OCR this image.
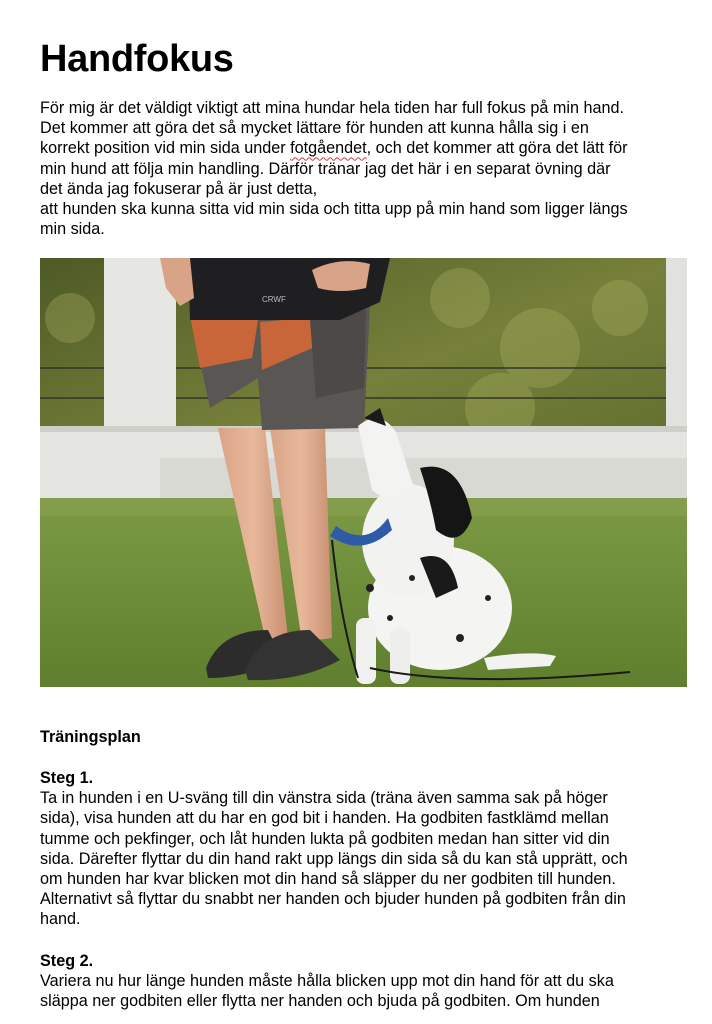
Handfokus

För mig är det väldigt viktigt att mina hundar hela tiden har full fokus på min hand.
Det kommer att göra det så mycket lättare för hunden att kunna hålla sig i en
korrekt position vid min sida under fotgåendet, och det kommer att göra det lätt för
min hund att följa min handling. Därför tränar jag det här i en separat övning där
det ända jag fokuserar på är just detta,
att hunden ska kunna sitta vid min sida och titta upp på min hand som ligger längs
min sida.

CRWF
Träningsplan
Steg 1.
Ta in hunden i en U-sväng till din vänstra sida (träna även samma sak på höger
sida), visa hunden att du har en god bit i handen. Ha godbiten fastklämd mellan
tumme och pekfinger, och låt hunden lukta på godbiten medan han sitter vid din
sida. Därefter flyttar du din hand rakt upp längs din sida så du kan stå upprätt, och
om hunden har kvar blicken mot din hand så släpper du ner godbiten till hunden.
Alternativt så flyttar du snabbt ner handen och bjuder hunden på godbiten från din
hand.
Steg 2.
Variera nu hur länge hunden måste hålla blicken upp mot din hand för att du ska
släppa ner godbiten eller flytta ner handen och bjuda på godbiten. Om hunden
